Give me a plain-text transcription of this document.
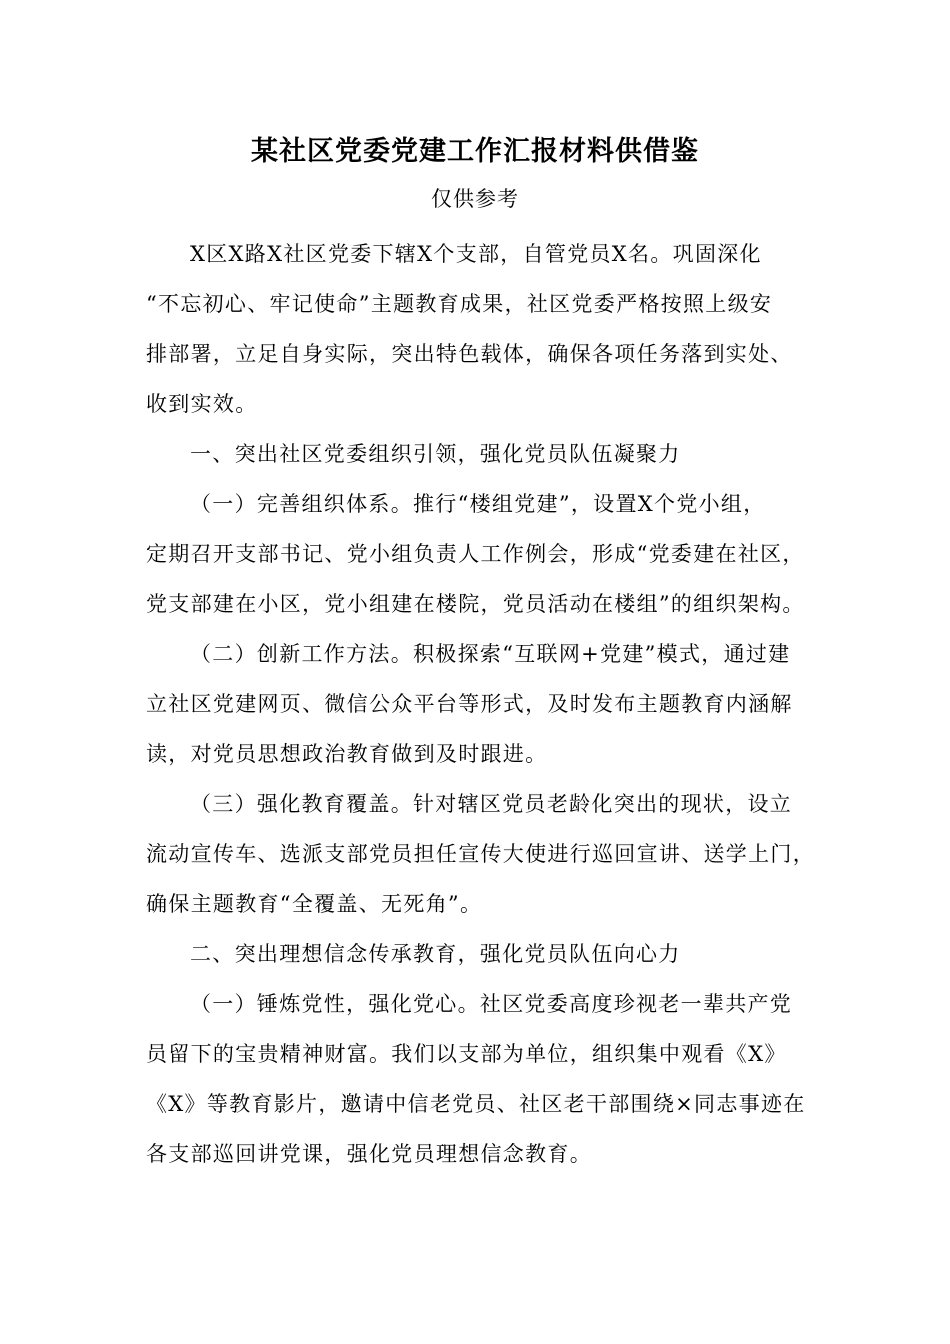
某社区党委党建工作汇报材料供借鉴
仅供参考
X区X路X社区党委下辖X个支部，自管党员X名。巩固深化
“不忘初心、牢记使命”主题教育成果，社区党委严格按照上级安
排部署，立足自身实际，突出特色载体，确保各项任务落到实处、
收到实效。
一、突出社区党委组织引领，强化党员队伍凝聚力
（一）完善组织体系。推行“楼组党建”，设置X个党小组，
定期召开支部书记、党小组负责人工作例会，形成“党委建在社区，
党支部建在小区，党小组建在楼院，党员活动在楼组”的组织架构。
（二）创新工作方法。积极探索“互联网+党建”模式，通过建
立社区党建网页、微信公众平台等形式，及时发布主题教育内涵解
读，对党员思想政治教育做到及时跟进。
（三）强化教育覆盖。针对辖区党员老龄化突出的现状，设立
流动宣传车、选派支部党员担任宣传大使进行巡回宣讲、送学上门，
确保主题教育“全覆盖、无死角”。
二、突出理想信念传承教育，强化党员队伍向心力
（一）锤炼党性，强化党心。社区党委高度珍视老一辈共产党
员留下的宝贵精神财富。我们以支部为单位，组织集中观看《X》
《X》等教育影片，邀请中信老党员、社区老干部围绕×同志事迹在
各支部巡回讲党课，强化党员理想信念教育。
